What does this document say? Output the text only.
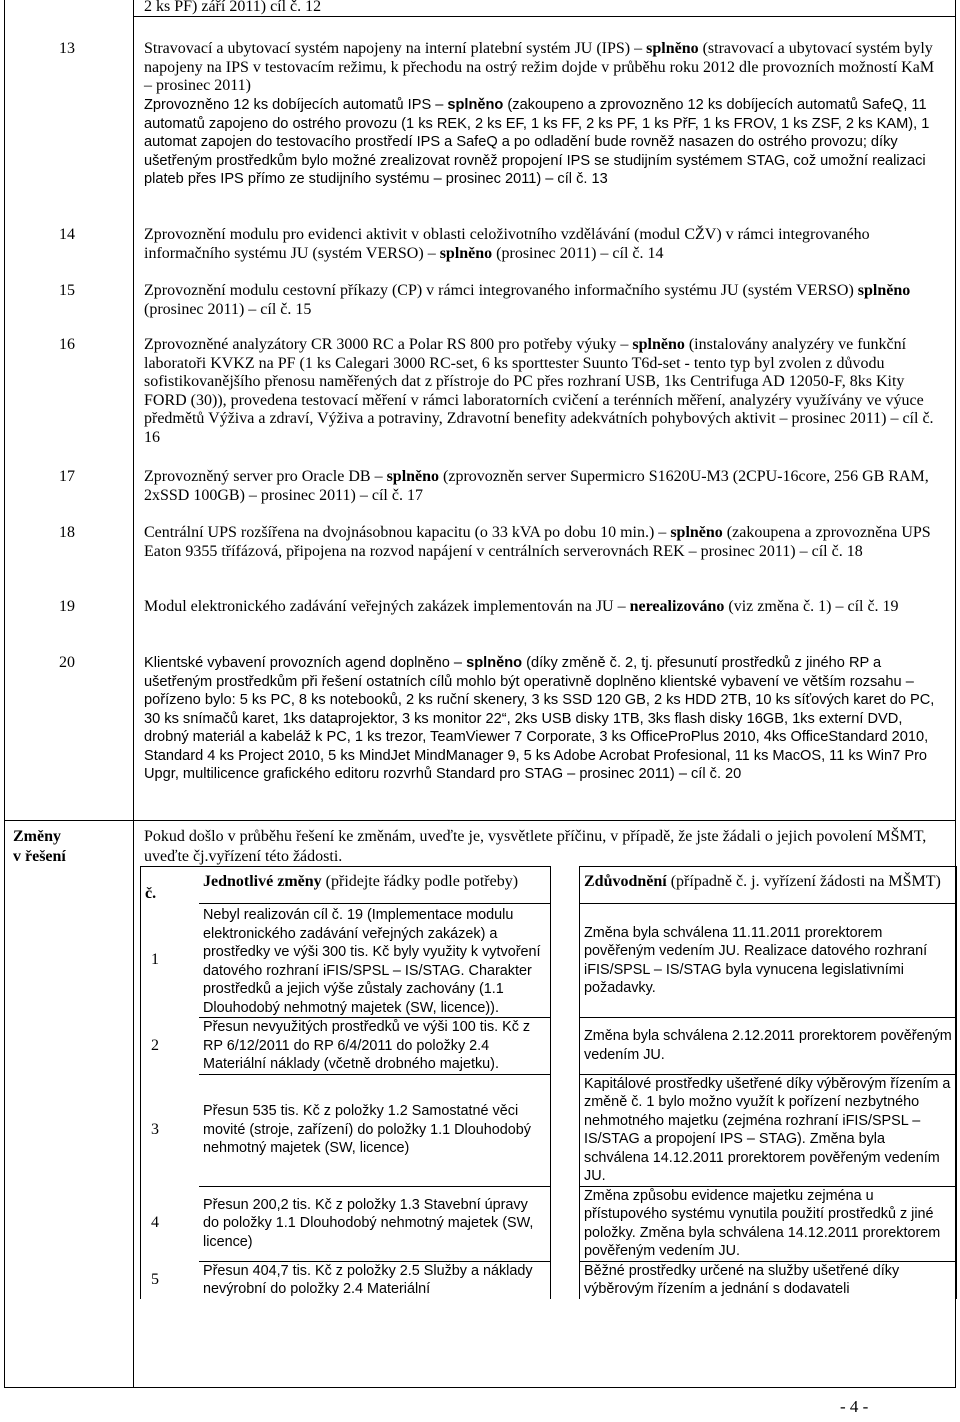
2 ks PF) září 2011) cíl č. 12
13	Stravovací a ubytovací systém napojeny na interní platební systém JU (IPS) – splněno (stravovací a ubytovací systém byly napojeny na IPS v testovacím režimu, k přechodu na ostrý režim dojde v průběhu roku 2012 dle provozních možností KaM – prosinec 2011)
Zprovozněno 12 ks dobíjecích automatů IPS – splněno (zakoupeno a zprovozněno 12 ks dobíjecích automatů SafeQ, 11 automatů zapojeno do ostrého provozu (1 ks REK, 2 ks EF, 1 ks FF, 2 ks PF, 1 ks PřF, 1 ks FROV, 1 ks ZSF, 2 ks KAM), 1 automat zapojen do testovacího prostředí IPS a SafeQ a po odladění bude rovněž nasazen do ostrého provozu; díky ušetřeným prostředkům bylo možné zrealizovat rovněž propojení IPS se studijním systémem STAG, což umožní realizaci plateb přes IPS přímo ze studijního systému – prosinec 2011) – cíl č. 13
14	Zprovoznění modulu pro evidenci aktivit v oblasti celoživotního vzdělávání (modul CŽV) v rámci integrovaného informačního systému JU (systém VERSO) – splněno (prosinec 2011) – cíl č. 14
15	Zprovoznění modulu cestovní příkazy (CP) v rámci integrovaného informačního systému JU (systém VERSO) splněno (prosinec 2011) – cíl č. 15
16	Zprovozněné analyzátory CR 3000 RC a Polar RS 800 pro potřeby výuky – splněno (instalovány analyzéry ve funkční laboratoři KVKZ na PF (1 ks Calegari 3000 RC-set, 6 ks sporttester Suunto T6d-set - tento typ byl zvolen z důvodu sofistikovanějšího přenosu naměřených dat z přístroje do PC přes rozhraní USB, 1ks Centrifuga AD 12050-F, 8ks Kity FORD (30)), provedena testovací měření v rámci laboratorních cvičení a terénních měření, analyzéry využívány ve výuce předmětů Výživa a zdraví, Výživa a potraviny, Zdravotní benefity adekvátních pohybových aktivit – prosinec 2011) – cíl č. 16
17	Zprovozněný server pro Oracle DB – splněno (zprovozněn server Supermicro S1620U-M3 (2CPU-16core, 256 GB RAM, 2xSSD 100GB) – prosinec 2011) – cíl č. 17
18	Centrální UPS rozšířena na dvojnásobnou kapacitu (o 33 kVA po dobu 10 min.) – splněno (zakoupena a zprovozněna UPS Eaton 9355 třífázová, připojena na rozvod napájení v centrálních serverovnách REK – prosinec 2011) – cíl č. 18
19	Modul elektronického zadávání veřejných zakázek implementován na JU – nerealizováno (viz změna č. 1) – cíl č. 19
20	Klientské vybavení provozních agend doplněno – splněno (díky změně č. 2, tj. přesunutí prostředků z jiného RP a ušetřeným prostředkům při řešení ostatních cílů mohlo být operativně doplněno klientské vybavení ve větším rozsahu – pořízeno bylo: 5 ks PC, 8 ks notebooků, 2 ks ruční skenery, 3 ks SSD 120 GB, 2 ks HDD 2TB, 10 ks síťových karet do PC, 30 ks snímačů karet, 1ks dataprojektor, 3 ks monitor 22“, 2ks USB disky 1TB, 3ks flash disky 16GB, 1ks externí DVD, drobný materiál a kabeláž k PC, 1 ks trezor, TeamViewer 7 Corporate, 3 ks OfficeProPlus 2010, 4ks OfficeStandard 2010, Standard 4 ks Project 2010, 5 ks MindJet MindManager 9, 5 ks Adobe Acrobat Profesional, 11 ks MacOS, 11 ks Win7 Pro Upgr, multilicence grafického editoru rozvrhů Standard pro STAG – prosinec 2011) – cíl č. 20
Změny
v řešení
Pokud došlo v průběhu řešení ke změnám, uveďte je, vysvětlete příčinu, v případě, že jste žádali o jejich povolení MŠMT, uveďte čj.vyřízení této žádosti.
č.	Jednotlivé změny (přidejte řádky podle potřeby)		Zdůvodnění (případně č. j. vyřízení žádosti na MŠMT)
1	Nebyl realizován cíl č. 19 (Implementace modulu elektronického zadávání veřejných zakázek) a prostředky ve výši 300 tis. Kč byly využity k vytvoření datového rozhraní iFIS/SPSL – IS/STAG. Charakter prostředků a jejich výše zůstaly zachovány (1.1 Dlouhodobý nehmotný majetek (SW, licence)).		Změna byla schválena 11.11.2011 prorektorem pověřeným vedením JU. Realizace datového rozhraní iFIS/SPSL – IS/STAG byla vynucena legislativními požadavky.
2	Přesun nevyužitých prostředků ve výši 100 tis. Kč z RP 6/12/2011 do RP 6/4/2011 do položky 2.4 Materiální náklady (včetně drobného majetku).		Změna byla schválena 2.12.2011 prorektorem pověřeným vedením JU.
3	Přesun 535 tis. Kč z položky 1.2 Samostatné věci movité (stroje, zařízení) do položky 1.1 Dlouhodobý nehmotný majetek (SW, licence)		Kapitálové prostředky ušetřené díky výběrovým řízením a změně č. 1 bylo možno využít k pořízení nezbytného nehmotného majetku (zejména rozhraní iFIS/SPSL – IS/STAG a propojení IPS – STAG). Změna byla schválena 14.12.2011 prorektorem pověřeným vedením JU.
4	Přesun 200,2 tis. Kč z položky 1.3 Stavební úpravy do položky 1.1 Dlouhodobý nehmotný majetek (SW, licence)		Změna způsobu evidence majetku zejména u přístupového systému vynutila použití prostředků z jiné položky. Změna byla schválena 14.12.2011 prorektorem pověřeným vedením JU.
5	Přesun 404,7 tis. Kč z položky 2.5 Služby a náklady nevýrobní do položky 2.4 Materiální		Běžné prostředky určené na služby ušetřené díky výběrovým řízením a jednání s dodavateli
- 4 -
